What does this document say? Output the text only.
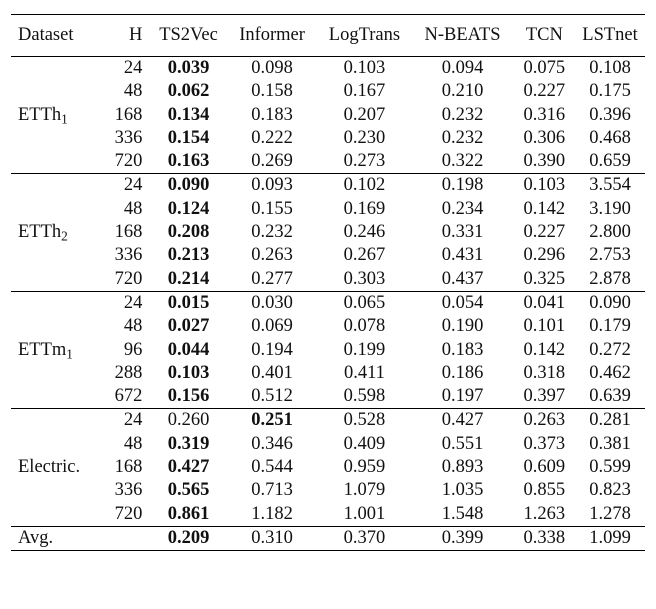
Dataset	H	TS2Vec	Informer	LogTrans	N-BEATS	TCN	LSTnet
ETTh$_1$	24	0.039	0.098	0.103	0.094	0.075	0.108
	48	0.062	0.158	0.167	0.210	0.227	0.175
	168	0.134	0.183	0.207	0.232	0.316	0.396
	336	0.154	0.222	0.230	0.232	0.306	0.468
	720	0.163	0.269	0.273	0.322	0.390	0.659
ETTh$_2$	24	0.090	0.093	0.102	0.198	0.103	3.554
	48	0.124	0.155	0.169	0.234	0.142	3.190
	168	0.208	0.232	0.246	0.331	0.227	2.800
	336	0.213	0.263	0.267	0.431	0.296	2.753
	720	0.214	0.277	0.303	0.437	0.325	2.878
ETTm$_1$	24	0.015	0.030	0.065	0.054	0.041	0.090
	48	0.027	0.069	0.078	0.190	0.101	0.179
	96	0.044	0.194	0.199	0.183	0.142	0.272
	288	0.103	0.401	0.411	0.186	0.318	0.462
	672	0.156	0.512	0.598	0.197	0.397	0.639
Electric.	24	0.260	0.251	0.528	0.427	0.263	0.281
	48	0.319	0.346	0.409	0.551	0.373	0.381
	168	0.427	0.544	0.959	0.893	0.609	0.599
	336	0.565	0.713	1.079	1.035	0.855	0.823
	720	0.861	1.182	1.001	1.548	1.263	1.278
Avg.		0.209	0.310	0.370	0.399	0.338	1.099
